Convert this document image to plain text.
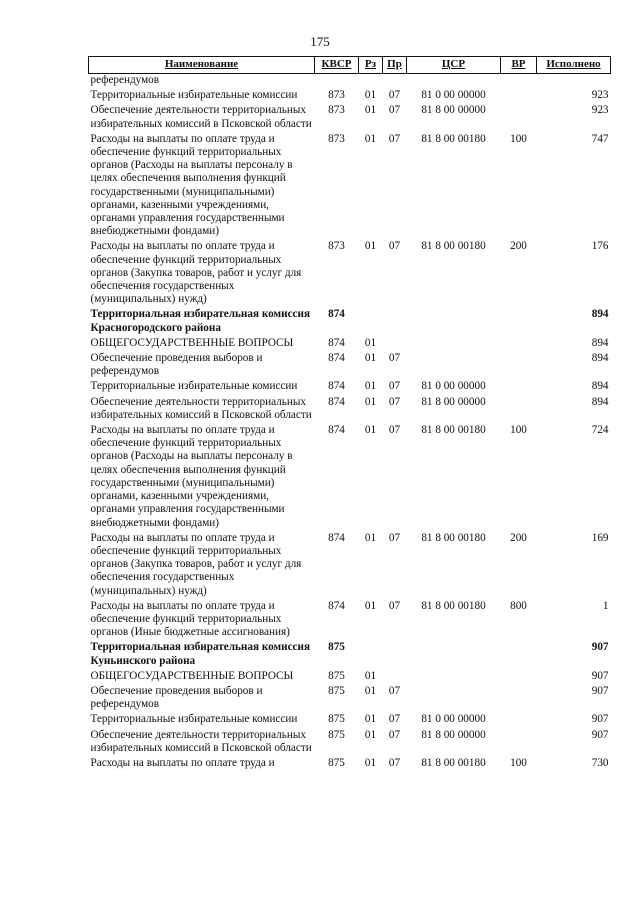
175
Наименование	КВСР	Рз	Пр	ЦСР	ВР	Исполнено
референдумов						
Территориальные избирательные комиссии	873	01	07	81 0 00 00000		923
Обеспечение деятельности территориальных избирательных комиссий в Псковской области	873	01	07	81 8 00 00000		923
Расходы на выплаты по оплате труда и обеспечение функций территориальных органов (Расходы на выплаты персоналу в целях обеспечения выполнения функций государственными (муниципальными) органами, казенными учреждениями, органами управления государственными внебюджетными фондами)	873	01	07	81 8 00 00180	100	747
Расходы на выплаты по оплате труда и обеспечение функций территориальных органов (Закупка товаров, работ и услуг для обеспечения государственных (муниципальных) нужд)	873	01	07	81 8 00 00180	200	176
Территориальная избирательная комиссия Красногородского района	874					894
ОБЩЕГОСУДАРСТВЕННЫЕ ВОПРОСЫ	874	01				894
Обеспечение проведения выборов и референдумов	874	01	07			894
Территориальные избирательные комиссии	874	01	07	81 0 00 00000		894
Обеспечение деятельности территориальных избирательных комиссий в Псковской области	874	01	07	81 8 00 00000		894
Расходы на выплаты по оплате труда и обеспечение функций территориальных органов (Расходы на выплаты персоналу в целях обеспечения выполнения функций государственными (муниципальными) органами, казенными учреждениями, органами управления государственными внебюджетными фондами)	874	01	07	81 8 00 00180	100	724
Расходы на выплаты по оплате труда и обеспечение функций территориальных органов (Закупка товаров, работ и услуг для обеспечения государственных (муниципальных) нужд)	874	01	07	81 8 00 00180	200	169
Расходы на выплаты по оплате труда и обеспечение функций территориальных органов (Иные бюджетные ассигнования)	874	01	07	81 8 00 00180	800	1
Территориальная избирательная комиссия Куньинского района	875					907
ОБЩЕГОСУДАРСТВЕННЫЕ ВОПРОСЫ	875	01				907
Обеспечение проведения выборов и референдумов	875	01	07			907
Территориальные избирательные комиссии	875	01	07	81 0 00 00000		907
Обеспечение деятельности территориальных избирательных комиссий в Псковской области	875	01	07	81 8 00 00000		907
Расходы на выплаты по оплате труда и	875	01	07	81 8 00 00180	100	730
